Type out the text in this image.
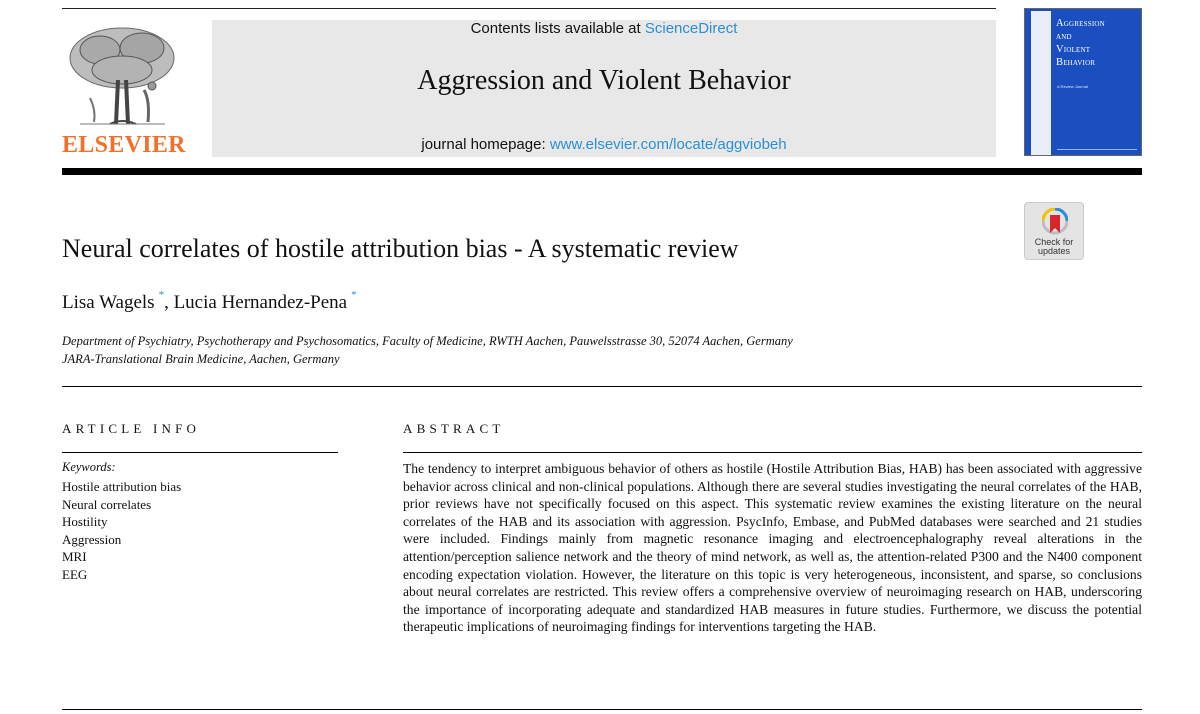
ELSEVIER
Contents lists available at ScienceDirect
Aggression and Violent Behavior
journal homepage: www.elsevier.com/locate/aggviobeh
Aggression
and
Violent
Behavior
A Review Journal
Check for
updates
Neural correlates of hostile attribution bias - A systematic review
Lisa Wagels *, Lucia Hernandez-Pena *
Department of Psychiatry, Psychotherapy and Psychosomatics, Faculty of Medicine, RWTH Aachen, Pauwelsstrasse 30, 52074 Aachen, Germany
JARA-Translational Brain Medicine, Aachen, Germany
ARTICLE INFO
Keywords:
Hostile attribution bias
Neural correlates
Hostility
Aggression
MRI
EEG
ABSTRACT

The tendency to interpret ambiguous behavior of others as hostile (Hostile Attribution Bias, HAB) has been associated with aggressive behavior across clinical and non-clinical populations. Although there are several studies investigating the neural correlates of the HAB, prior reviews have not specifically focused on this aspect. This systematic review examines the existing literature on the neural correlates of the HAB and its association with aggression. PsycInfo, Embase, and PubMed databases were searched and 21 studies were included. Findings mainly from magnetic resonance imaging and electroencephalography reveal alterations in the attention/perception salience network and the theory of mind network, as well as, the attention-related P300 and the N400 component encoding expectation violation. However, the literature on this topic is very heterogeneous, inconsistent, and sparse, so conclusions about neural correlates are restricted. This review offers a comprehensive overview of neuroimaging research on HAB, underscoring the importance of incorporating adequate and standardized HAB measures in future studies. Furthermore, we discuss the potential therapeutic implications of neuroimaging findings for interventions targeting the HAB.
